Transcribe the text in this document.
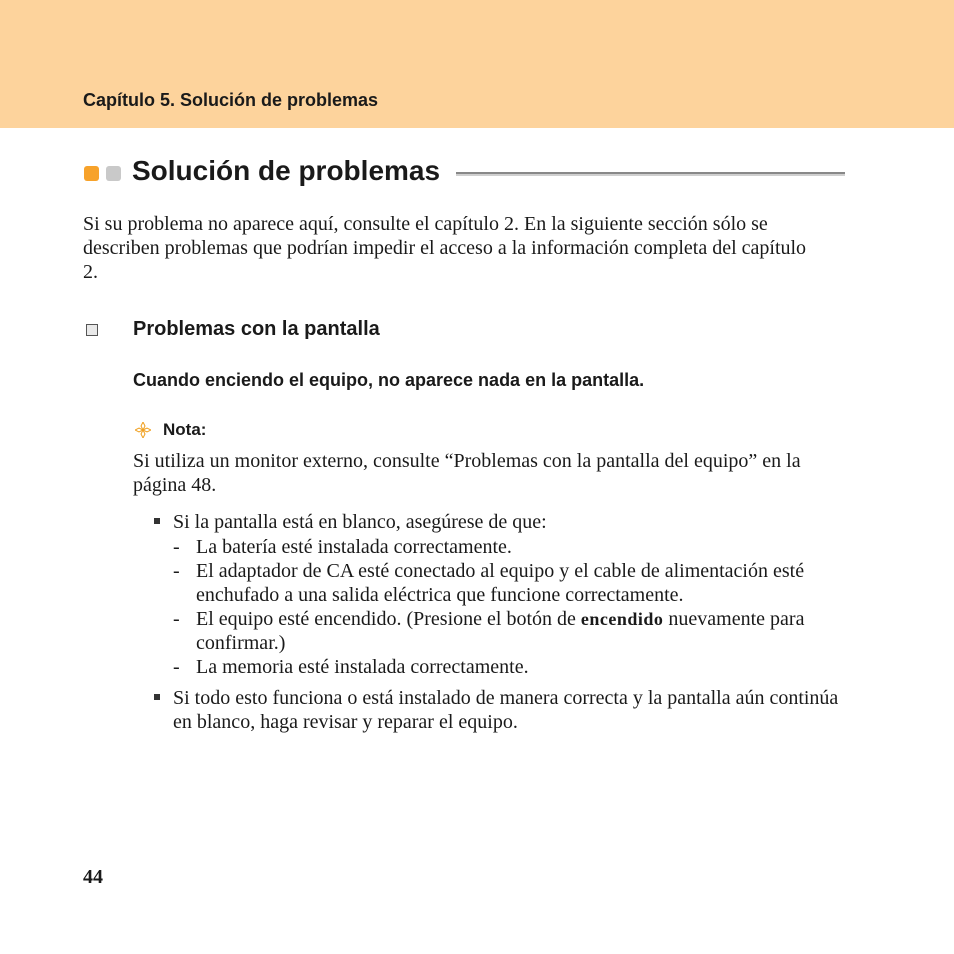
Capítulo 5. Solución de problemas
Solución de problemas

Si su problema no aparece aquí, consulte el capítulo 2. En la siguiente sección sólo se describen problemas que podrían impedir el acceso a la información completa del capítulo 2.

Problemas con la pantalla
Cuando enciendo el equipo, no aparece nada en la pantalla.
Nota:

Si utiliza un monitor externo, consulte “Problemas con la pantalla del equipo” en la página 48.

Si la pantalla está en blanco, asegúrese de que:

- La batería esté instalada correctamente.

- El adaptador de CA esté conectado al equipo y el cable de alimentación esté enchufado a una salida eléctrica que funcione correctamente.

- El equipo esté encendido. (Presione el botón de encendido nuevamente para confirmar.)

- La memoria esté instalada correctamente.

Si todo esto funciona o está instalado de manera correcta y la pantalla aún continúa en blanco, haga revisar y reparar el equipo.

44
